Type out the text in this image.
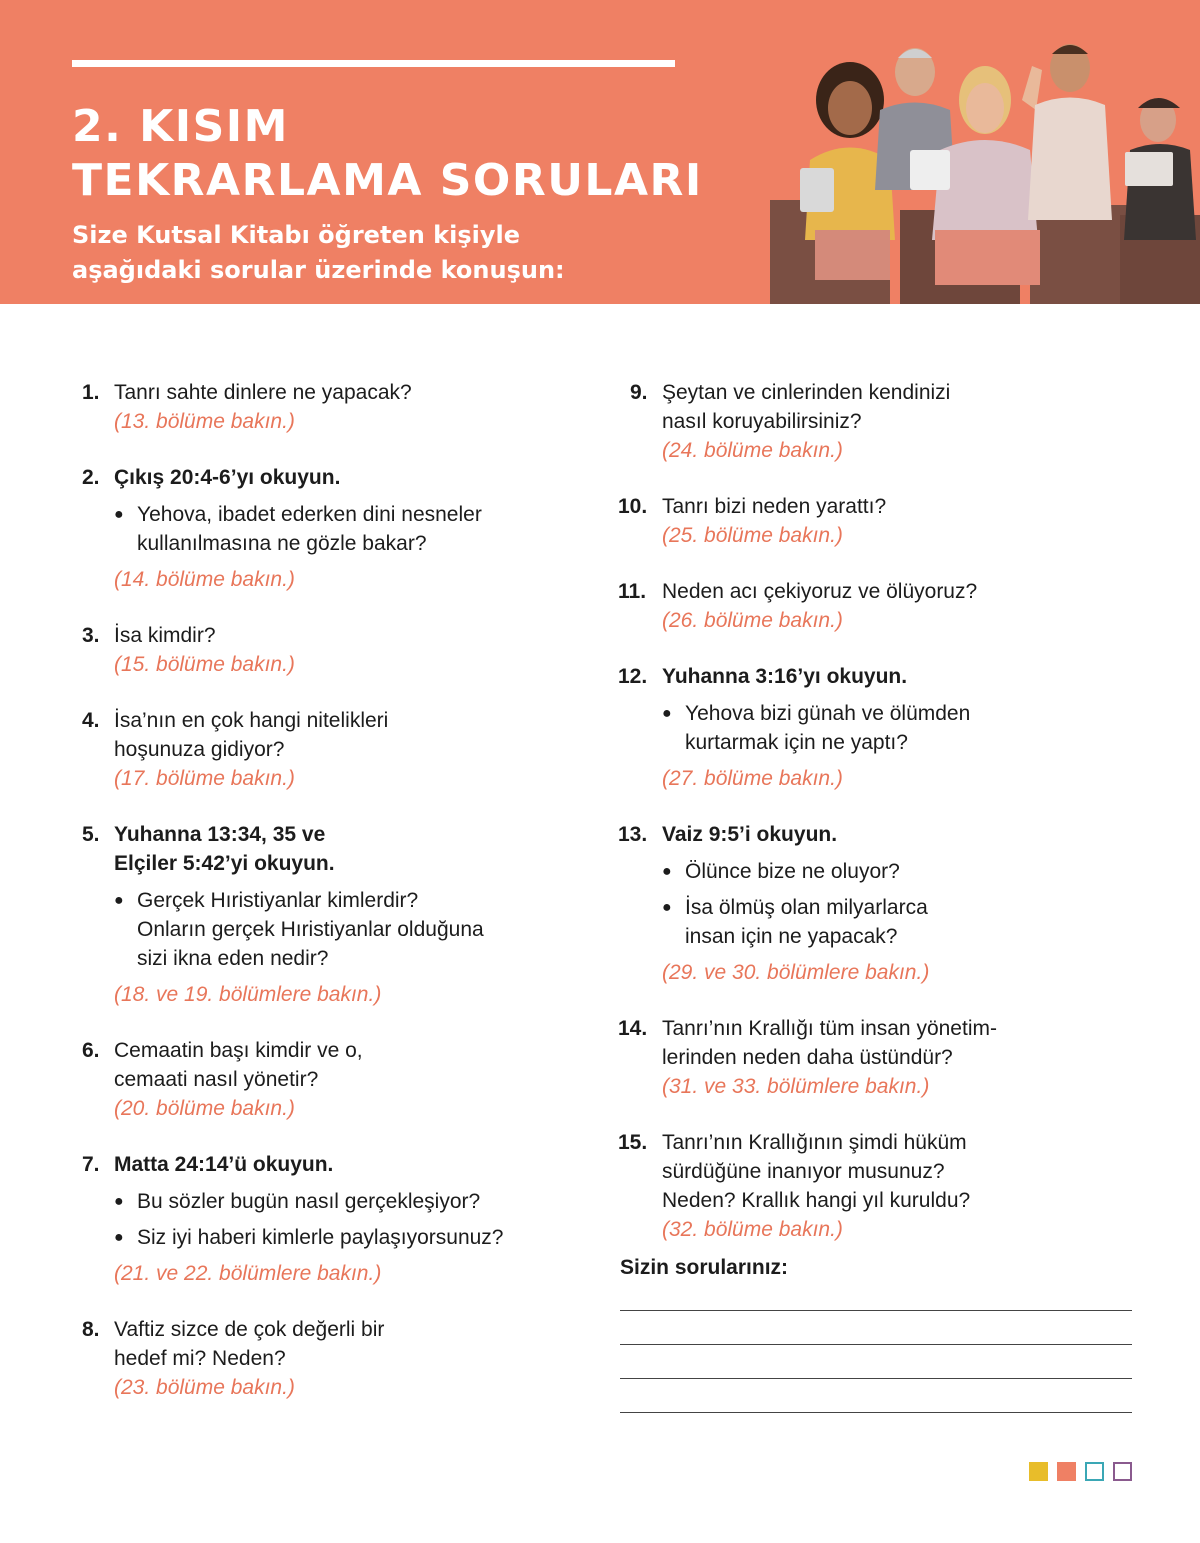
2. KISIM
TEKRARLAMA SORULARI
Size Kutsal Kitabı öğreten kişiyle
aşağıdaki sorular üzerinde konuşun:
1. Tanrı sahte dinlere ne yapacak?
(13. bölüme bakın.)
2. Çıkış 20:4-6’yı okuyun.
● Yehova, ibadet ederken dini nesneler
kullanılmasına ne gözle bakar?
(14. bölüme bakın.)
3. İsa kimdir?
(15. bölüme bakın.)
4. İsa’nın en çok hangi nitelikleri
hoşunuza gidiyor?
(17. bölüme bakın.)
5. Yuhanna 13:34, 35 ve
Elçiler 5:42’yi okuyun.
● Gerçek Hıristiyanlar kimlerdir?
Onların gerçek Hıristiyanlar olduğuna
sizi ikna eden nedir?
(18. ve 19. bölümlere bakın.)
6. Cemaatin başı kimdir ve o,
cemaati nasıl yönetir?
(20. bölüme bakın.)
7. Matta 24:14’ü okuyun.
● Bu sözler bugün nasıl gerçekleşiyor?
● Siz iyi haberi kimlerle paylaşıyorsunuz?
(21. ve 22. bölümlere bakın.)
8. Vaftiz sizce de çok değerli bir
hedef mi? Neden?
(23. bölüme bakın.)
9. Şeytan ve cinlerinden kendinizi
nasıl koruyabilirsiniz?
(24. bölüme bakın.)
10. Tanrı bizi neden yarattı?
(25. bölüme bakın.)
11. Neden acı çekiyoruz ve ölüyoruz?
(26. bölüme bakın.)
12. Yuhanna 3:16’yı okuyun.
● Yehova bizi günah ve ölümden
kurtarmak için ne yaptı?
(27. bölüme bakın.)
13. Vaiz 9:5’i okuyun.
● Ölünce bize ne oluyor?
● İsa ölmüş olan milyarlarca
insan için ne yapacak?
(29. ve 30. bölümlere bakın.)
14. Tanrı’nın Krallığı tüm insan yönetim-
lerinden neden daha üstündür?
(31. ve 33. bölümlere bakın.)
15. Tanrı’nın Krallığının şimdi hüküm
sürdüğüne inanıyor musunuz?
Neden? Krallık hangi yıl kuruldu?
(32. bölüme bakın.)
Sizin sorularınız:
